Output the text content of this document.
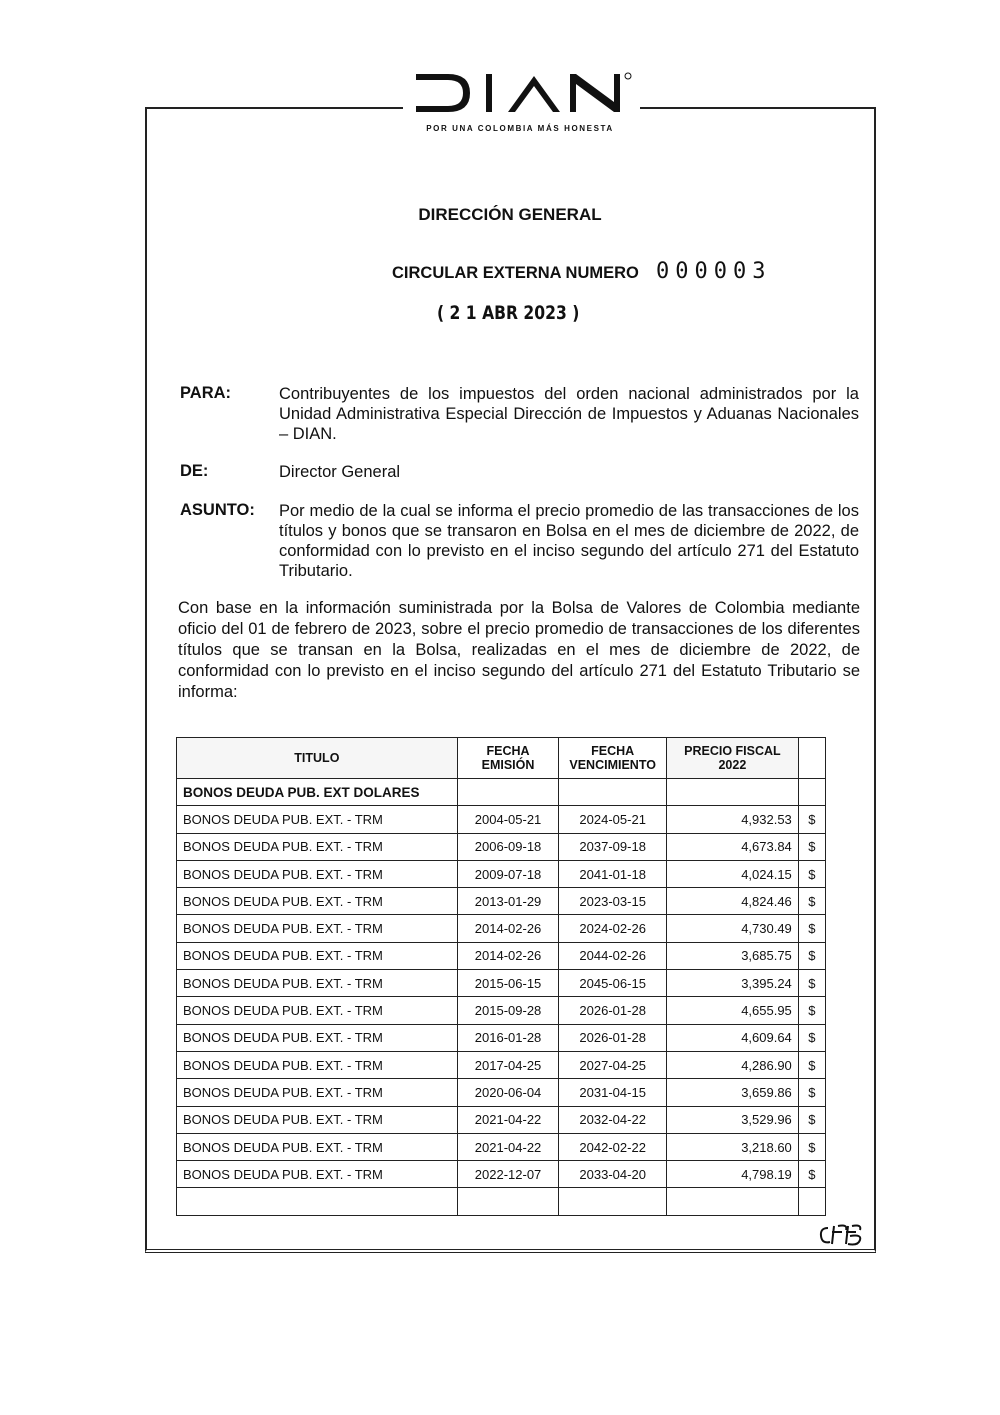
POR UNA COLOMBIA MÁS HONESTA
DIRECCIÓN GENERAL
CIRCULAR EXTERNA NUMERO 000003
( 2 1 ABR 2023 )
PARA:	Contribuyentes de los impuestos del orden nacional administrados por la Unidad Administrativa Especial Dirección de Impuestos y Aduanas Nacionales – DIAN.
DE:	Director General
ASUNTO: Por medio de la cual se informa el precio promedio de las transacciones de los títulos y bonos que se transaron en Bolsa en el mes de diciembre de 2022, de conformidad con lo previsto en el inciso segundo del artículo 271 del Estatuto Tributario.
Con base en la información suministrada por la Bolsa de Valores de Colombia mediante oficio del 01 de febrero de 2023, sobre el precio promedio de transacciones de los diferentes títulos que se transan en la Bolsa, realizadas en el mes de diciembre de 2022, de conformidad con lo previsto en el inciso segundo del artículo 271 del Estatuto Tributario se informa:
TITULO	FECHA EMISIÓN	FECHA VENCIMIENTO	PRECIO FISCAL 2022	
BONOS DEUDA PUB. EXT DOLARES				
BONOS DEUDA PUB. EXT. - TRM	2004-05-21	2024-05-21	4,932.53	$
BONOS DEUDA PUB. EXT. - TRM	2006-09-18	2037-09-18	4,673.84	$
BONOS DEUDA PUB. EXT. - TRM	2009-07-18	2041-01-18	4,024.15	$
BONOS DEUDA PUB. EXT. - TRM	2013-01-29	2023-03-15	4,824.46	$
BONOS DEUDA PUB. EXT. - TRM	2014-02-26	2024-02-26	4,730.49	$
BONOS DEUDA PUB. EXT. - TRM	2014-02-26	2044-02-26	3,685.75	$
BONOS DEUDA PUB. EXT. - TRM	2015-06-15	2045-06-15	3,395.24	$
BONOS DEUDA PUB. EXT. - TRM	2015-09-28	2026-01-28	4,655.95	$
BONOS DEUDA PUB. EXT. - TRM	2016-01-28	2026-01-28	4,609.64	$
BONOS DEUDA PUB. EXT. - TRM	2017-04-25	2027-04-25	4,286.90	$
BONOS DEUDA PUB. EXT. - TRM	2020-06-04	2031-04-15	3,659.86	$
BONOS DEUDA PUB. EXT. - TRM	2021-04-22	2032-04-22	3,529.96	$
BONOS DEUDA PUB. EXT. - TRM	2021-04-22	2042-02-22	3,218.60	$
BONOS DEUDA PUB. EXT. - TRM	2022-12-07	2033-04-20	4,798.19	$
